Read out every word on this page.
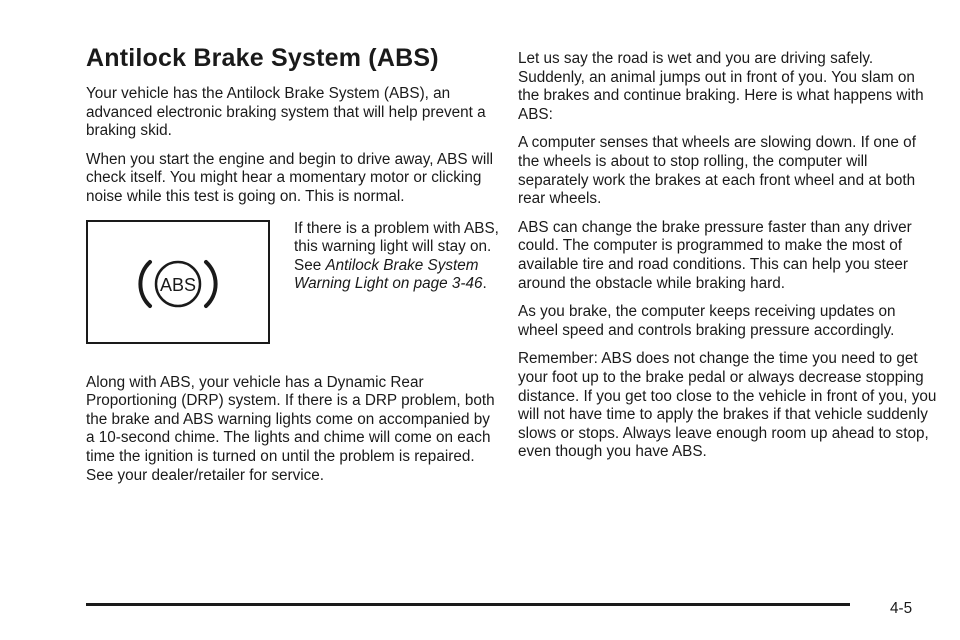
Antilock Brake System (ABS)

Your vehicle has the Antilock Brake System (ABS), an advanced electronic braking system that will help prevent a braking skid.

When you start the engine and begin to drive away, ABS will check itself. You might hear a momentary motor or clicking noise while this test is going on. This is normal.

ABS
If there is a problem with ABS, this warning light will stay on. See Antilock Brake System Warning Light on page 3-46.

Along with ABS, your vehicle has a Dynamic Rear Proportioning (DRP) system. If there is a DRP problem, both the brake and ABS warning lights come on accompanied by a 10-second chime. The lights and chime will come on each time the ignition is turned on until the problem is repaired. See your dealer/retailer for service.

Let us say the road is wet and you are driving safely. Suddenly, an animal jumps out in front of you. You slam on the brakes and continue braking. Here is what happens with ABS:

A computer senses that wheels are slowing down. If one of the wheels is about to stop rolling, the computer will separately work the brakes at each front wheel and at both rear wheels.

ABS can change the brake pressure faster than any driver could. The computer is programmed to make the most of available tire and road conditions. This can help you steer around the obstacle while braking hard.

As you brake, the computer keeps receiving updates on wheel speed and controls braking pressure accordingly.

Remember: ABS does not change the time you need to get your foot up to the brake pedal or always decrease stopping distance. If you get too close to the vehicle in front of you, you will not have time to apply the brakes if that vehicle suddenly slows or stops. Always leave enough room up ahead to stop, even though you have ABS.

4-5
